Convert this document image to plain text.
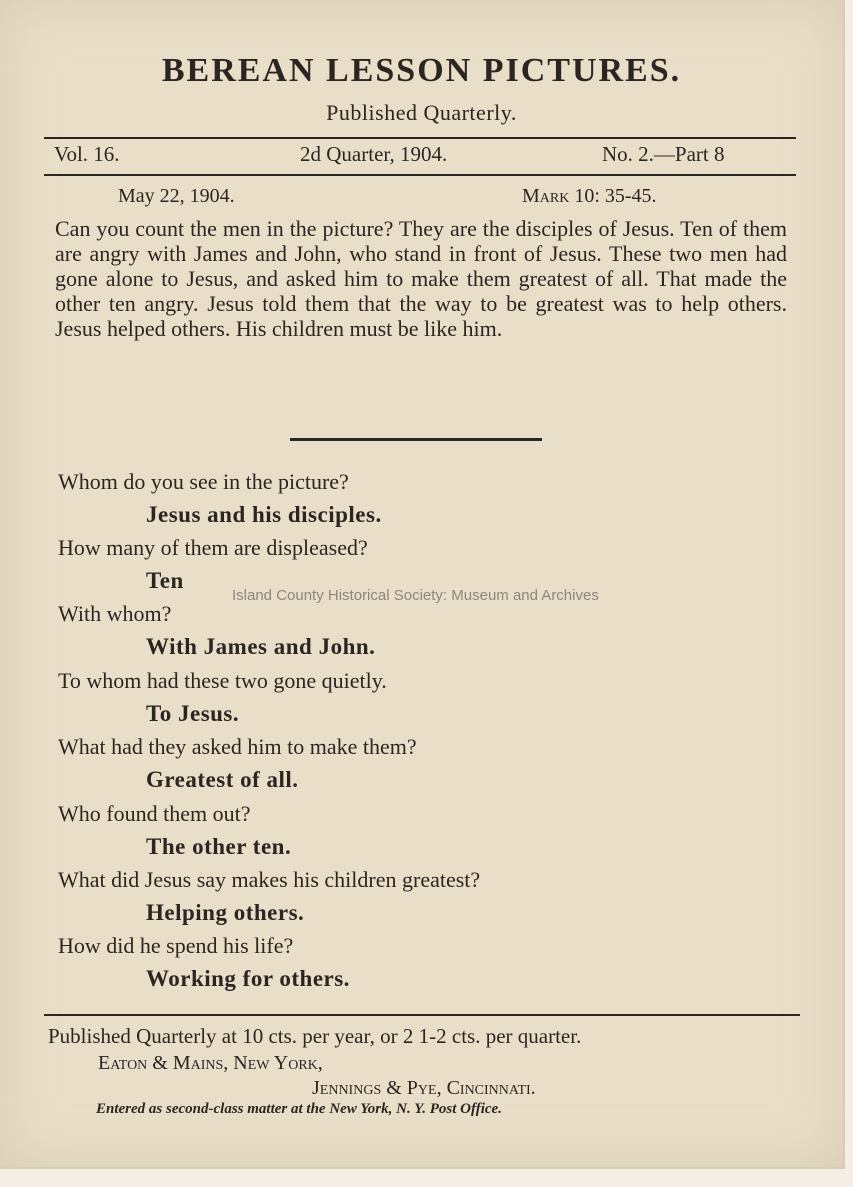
BEREAN LESSON PICTURES.
Published Quarterly.
Vol. 16.	2d Quarter, 1904.	No. 2.—Part 8
May 22, 1904.	Mark 10: 35-45.

Can you count the men in the picture? They are the disciples of Jesus. Ten of them are angry with James and John, who stand in front of Jesus. These two men had gone alone to Jesus, and asked him to make them greatest of all. That made the other ten angry. Jesus told them that the way to be greatest was to help others. Jesus helped others. His children must be like him.

Whom do you see in the picture?
Jesus and his disciples.
How many of them are displeased?
Ten
Island County Historical Society: Museum and Archives
With whom?
With James and John.
To whom had these two gone quietly.
To Jesus.
What had they asked him to make them?
Greatest of all.
Who found them out?
The other ten.
What did Jesus say makes his children greatest?
Helping others.
How did he spend his life?
Working for others.
Published Quarterly at 10 cts. per year, or 2 1-2 cts. per quarter.
Eaton & Mains, New York,
Jennings & Pye, Cincinnati.
Entered as second-class matter at the New York, N. Y. Post Office.
